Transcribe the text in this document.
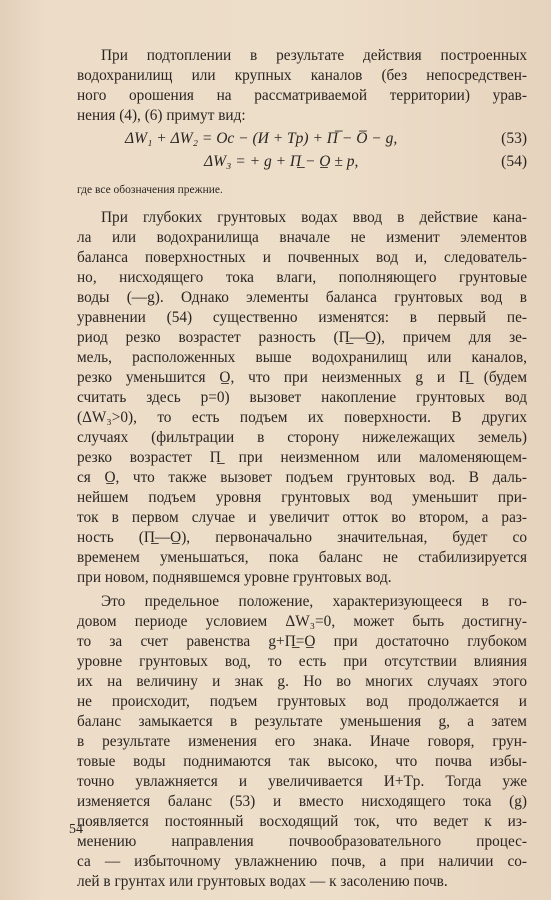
При подтоплении в результате действия построенных
водохранилищ или крупных каналов (без непосредствен-
ного орошения на рассматриваемой территории) урав-
нения (4), (6) примут вид:
ΔW₁ + ΔW₂ = Oc − (И + Tp) + П̅ − O̅ − g,	(53)
ΔW₃ = + g + П̲ − O̲ ± p,	(54)
где все обозначения прежние.
При глубоких грунтовых водах ввод в действие кана-
ла или водохранилища вначале не изменит элементов
баланса поверхностных и почвенных вод и, следователь-
но, нисходящего тока влаги, пополняющего грунтовые
воды (—g). Однако элементы баланса грунтовых вод в
уравнении (54) существенно изменятся: в первый пе-
риод резко возрастет разность (П̲—O̲), причем для зе-
мель, расположенных выше водохранилищ или каналов,
резко уменьшится O̲, что при неизменных g и П̲ (будем
считать здесь p=0) вызовет накопление грунтовых вод
(ΔW₃>0), то есть подъем их поверхности. В других
случаях (фильтрации в сторону нижележащих земель)
резко возрастет П̲ при неизменном или маломеняющем-
ся O̲, что также вызовет подъем грунтовых вод. В даль-
нейшем подъем уровня грунтовых вод уменьшит при-
ток в первом случае и увеличит отток во втором, а раз-
ность (П̲—O̲), первоначально значительная, будет со
временем уменьшаться, пока баланс не стабилизируется
при новом, поднявшемся уровне грунтовых вод.
Это предельное положение, характеризующееся в го-
довом периоде условием ΔW₃=0, может быть достигну-
то за счет равенства g+П̲=O̲ при достаточно глубоком
уровне грунтовых вод, то есть при отсутствии влияния
их на величину и знак g. Но во многих случаях этого
не происходит, подъем грунтовых вод продолжается и
баланс замыкается в результате уменьшения g, а затем
в результате изменения его знака. Иначе говоря, грун-
товые воды поднимаются так высоко, что почва избы-
точно увлажняется и увеличивается И+Tp. Тогда уже
изменяется баланс (53) и вместо нисходящего тока (g)
появляется постоянный восходящий ток, что ведет к из-
менению направления почвообразовательного процес-
са — избыточному увлажнению почв, а при наличии со-
лей в грунтах или грунтовых водах — к засолению почв.
54
